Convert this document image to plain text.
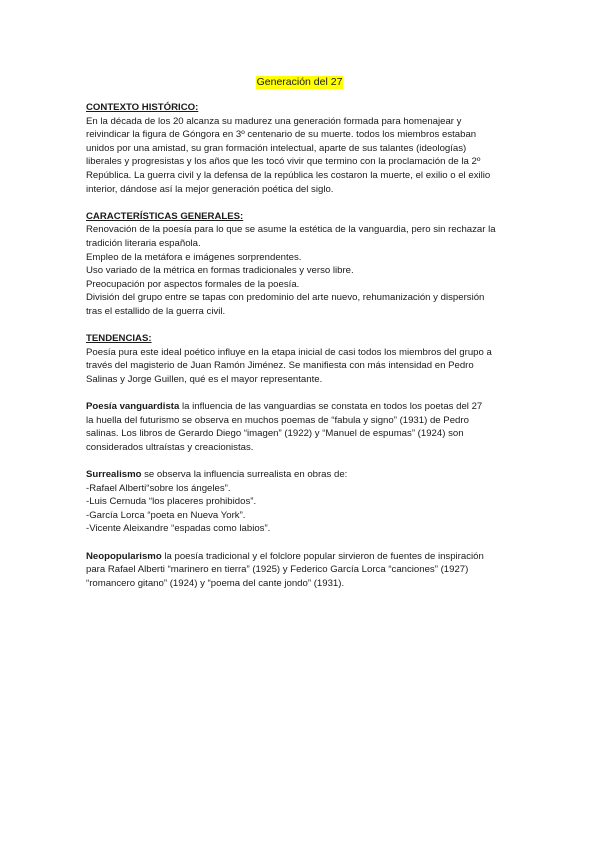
Generación del 27
CONTEXTO HISTÓRICO:
En la década de los 20 alcanza su madurez una generación formada para homenajear y
reivindicar la figura de Góngora en 3º centenario de su muerte. todos los miembros estaban
unidos por una amistad, su gran formación intelectual, aparte de sus talantes (ideologías)
liberales y progresistas y los años que les tocó vivir que termino con la proclamación de la 2º
República. La guerra civil y la defensa de la república les costaron la muerte, el exilio o el exilio
interior, dándose así la mejor generación poética del siglo.
CARACTERÍSTICAS GENERALES:
Renovación de la poesía para lo que se asume la estética de la vanguardia, pero sin rechazar la
tradición literaria española.
Empleo de la metáfora e imágenes sorprendentes.
Uso variado de la métrica en formas tradicionales y verso libre.
Preocupación por aspectos formales de la poesía.
División del grupo entre se tapas con predominio del arte nuevo, rehumanización y dispersión
tras el estallido de la guerra civil.
TENDENCIAS:
Poesía pura este ideal poético influye en la etapa inicial de casi todos los miembros del grupo a
través del magisterio de Juan Ramón Jiménez. Se manifiesta con más intensidad en Pedro
Salinas y Jorge Guillen, qué es el mayor representante.
Poesía vanguardista la influencia de las vanguardias se constata en todos los poetas del 27
la huella del futurismo se observa en muchos poemas de “fabula y signo” (1931) de Pedro
salinas. Los libros de Gerardo Diego “imagen” (1922) y “Manuel de espumas” (1924) son
considerados ultraístas y creacionistas.
Surrealismo se observa la influencia surrealista en obras de:
-Rafael Alberti“sobre los ángeles”.
-Luis Cernuda “los placeres prohibidos”.
-García Lorca “poeta en Nueva York”.
-Vicente Aleixandre “espadas como labios”.
Neopopularismo la poesía tradicional y el folclore popular sirvieron de fuentes de inspiración
para Rafael Alberti “marinero en tierra” (1925) y Federico García Lorca “canciones” (1927)
“romancero gitano” (1924) y “poema del cante jondo” (1931).
